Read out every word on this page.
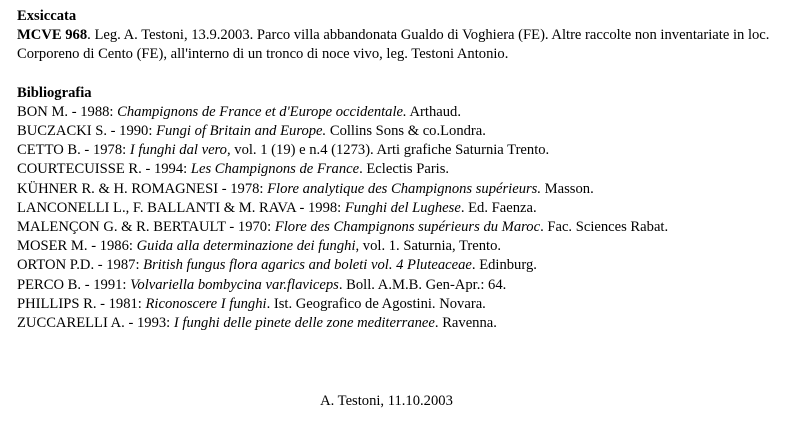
Exsiccata

MCVE 968. Leg. A. Testoni, 13.9.2003. Parco villa abbandonata Gualdo di Voghiera (FE). Altre raccolte non inventariate in loc. Corporeno di Cento (FE), all'interno di un tronco di noce vivo, leg. Testoni Antonio.

Bibliografia

BON M. - 1988: Champignons de France et d'Europe occidentale. Arthaud.

BUCZACKI S. - 1990: Fungi of Britain and Europe. Collins Sons & co.Londra.

CETTO B. - 1978: I funghi dal vero, vol. 1 (19) e n.4 (1273). Arti grafiche Saturnia Trento.

COURTECUISSE R. - 1994: Les Champignons de France. Eclectis Paris.

KÜHNER R. & H. ROMAGNESI - 1978: Flore analytique des Champignons supérieurs. Masson.

LANCONELLI L., F. BALLANTI & M. RAVA - 1998: Funghi del Lughese. Ed. Faenza.

MALENÇON G. & R. BERTAULT - 1970: Flore des Champignons supérieurs du Maroc. Fac. Sciences Rabat.

MOSER M. - 1986: Guida alla determinazione dei funghi, vol. 1. Saturnia, Trento.

ORTON P.D. - 1987: British fungus flora agarics and boleti vol. 4 Pluteaceae. Edinburg.

PERCO B. - 1991: Volvariella bombycina var.flaviceps. Boll. A.M.B. Gen-Apr.: 64.

PHILLIPS R. - 1981: Riconoscere I funghi. Ist. Geografico de Agostini. Novara.

ZUCCARELLI A. - 1993: I funghi delle pinete delle zone mediterranee. Ravenna.

A. Testoni, 11.10.2003
